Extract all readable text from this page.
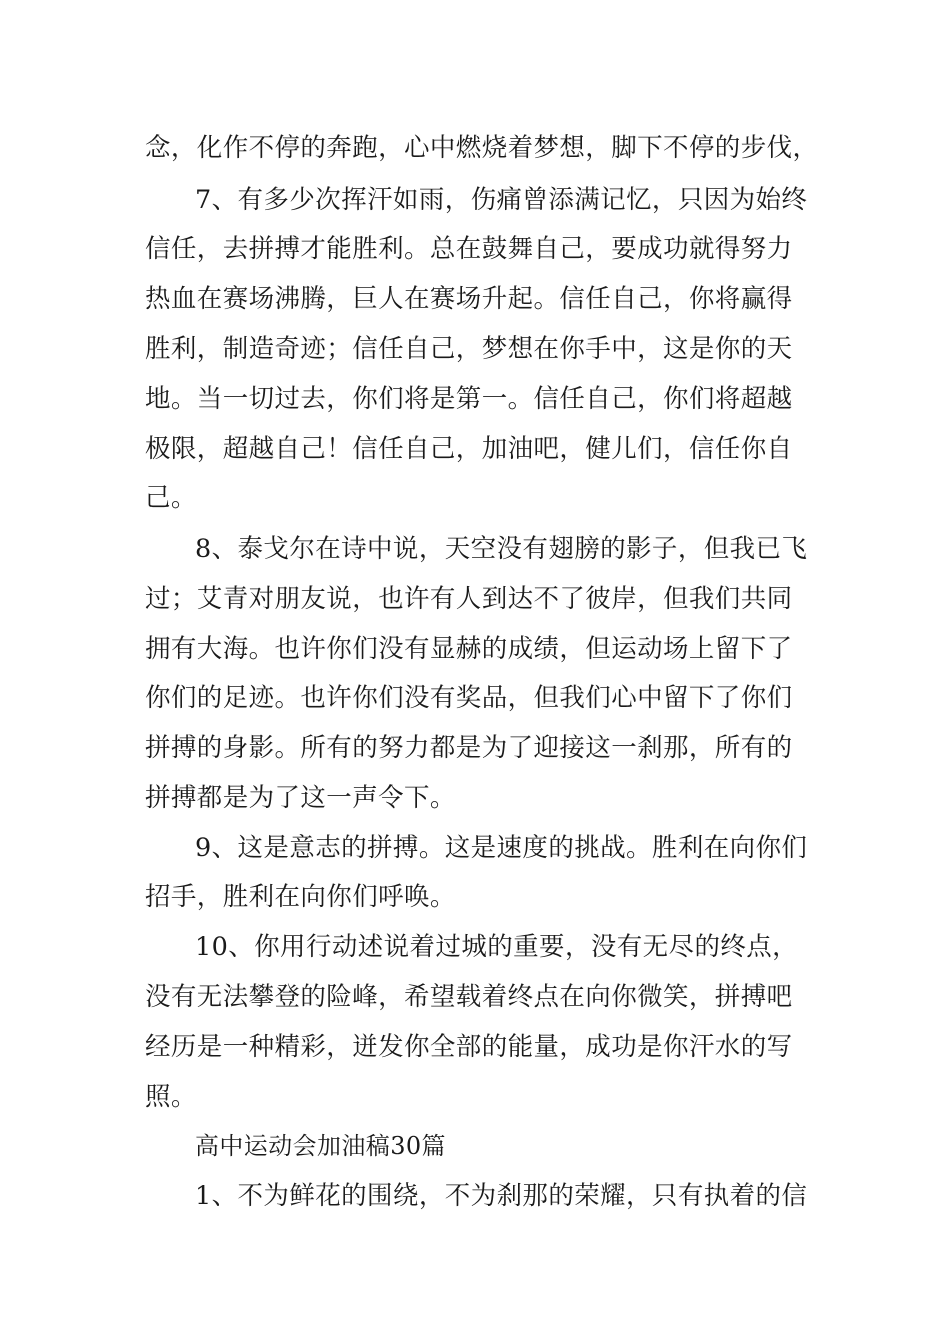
念，化作不停的奔跑，心中燃烧着梦想，脚下不停的步伐，
7、有多少次挥汗如雨，伤痛曾添满记忆，只因为始终
信任，去拼搏才能胜利。总在鼓舞自己，要成功就得努力
热血在赛场沸腾，巨人在赛场升起。信任自己，你将赢得
胜利，制造奇迹；信任自己，梦想在你手中，这是你的天
地。当一切过去，你们将是第一。信任自己，你们将超越
极限，超越自己！信任自己，加油吧，健儿们，信任你自
己。
8、泰戈尔在诗中说，天空没有翅膀的影子，但我已飞
过；艾青对朋友说，也许有人到达不了彼岸，但我们共同
拥有大海。也许你们没有显赫的成绩，但运动场上留下了
你们的足迹。也许你们没有奖品，但我们心中留下了你们
拼搏的身影。所有的努力都是为了迎接这一刹那，所有的
拼搏都是为了这一声令下。
9、这是意志的拼搏。这是速度的挑战。胜利在向你们
招手，胜利在向你们呼唤。
10、你用行动述说着过城的重要，没有无尽的终点，
没有无法攀登的险峰，希望载着终点在向你微笑，拼搏吧
经历是一种精彩，迸发你全部的能量，成功是你汗水的写
照。
高中运动会加油稿30篇
1、不为鲜花的围绕，不为刹那的荣耀，只有执着的信
